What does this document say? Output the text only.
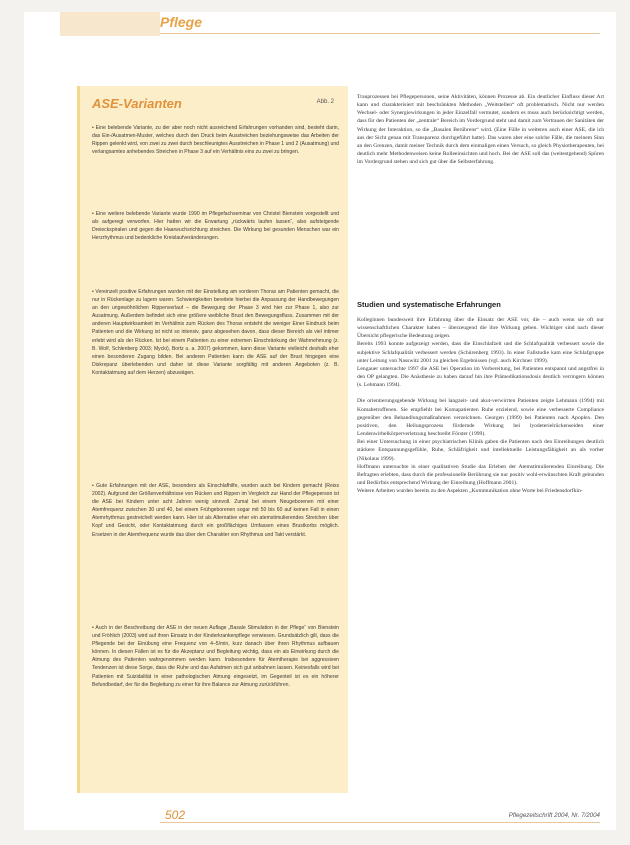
Pflege
ASE-Varianten	Abb. 2
• Eine belebende Variante, zu der aber noch nicht ausreichend Erfahrungen vorhanden sind, besteht darin, das Ein-/Ausatmen-Muster, welches durch den Druck beim Ausstreichen beziehungsweise das Arbeiten der Rippen gelenkt wird, von zwei zu zwei durch beschleunigtes Ausstreichen in Phase 1 und 2 (Ausatmung) und verlangsamtes anhebendes Streichen in Phase 3 auf ein Verhältnis eins zu zwei zu bringen.
• Eine weitere belebende Variante wurde 1990 im Pflegefachseminar von Christel Bienstein vorgestellt und als aufgeregt verworfen. Hier hatten wir die Erwartung „rückwärts laufen lassen“, also aufsteigende Dreieckspiralen und gegen die Haarwuchsrichtung streichen. Die Wirkung bei gesunden Menschen war ein Herzrhythmus und bedenkliche Kreislaufveränderungen.
• Vereinzelt positive Erfahrungen wurden mit der Einstellung am vorderen Thorax am Patienten gemacht, die nur in Rückenlage zu lagern waren. Schwierigkeiten bereitete hierbei die Anpassung der Handbewegungen an den ungewöhnlichen Rippenverlauf – die Bewegung der Phase 3 wird hier zur Phase 1, also zur Ausatmung. Außerdem befindet sich eine größere weibliche Brust den Bewegungsfluss. Zusammen mit der anderen Hauptwirksamkeit im Verhältnis zum Rücken des Thorax entsteht die weniger Einer Eindruck beim Patienten und die Wirkung ist nicht so intensiv, ganz abgesehen davon, dass dieser Bereich als viel intimer erlebt wird als der Rücken. Ist bei einem Patienten zu einer extremen Einschränkung der Wahrnehmung (z. B. Wolf, Schlenberg 2003; Mycki), Bortz u. a. 2007) gekommen, kann diese Variante vielleicht deshalb eher einen besonderen Zugang bilden. Bei anderen Patienten kann die ASE auf der Brust hingegen eine Diskrepanz überlebenden und daher ist diese Variante sorgfältig mit anderen Angeboten (z. B. Kontaktatmung auf dem Herzen) abzuwägen.
• Gute Erfahrungen mit der ASE, besonders als Einschlafhilfe, wurden auch bei Kindern gemacht (Reiss 2002). Aufgrund der Größenverhältnisse von Rücken und Rippen im Vergleich zur Hand der Pflegeperson ist die ASE bei Kindern unter acht Jahren wenig sinnvoll. Zumal bei einem Neugeborenen mit einer Atemfrequenz zwischen 30 und 40, bei einem Frühgeborenen sogar mit 50 bis 60 auf keinen Fall in einen Atemrhythmus gestreichelt werden kann. Hier ist als Alternative eher ein atemstimulierendes Streichen über Kopf und Gesicht, oder Kontaktatmung durch ein großflächiges Umfassen eines Brustkorbs möglich. Ersetzen in der Atemfrequenz wurde das über den Charakter von Rhythmus und Takt verstärkt.
• Auch in der Beschreibung der ASE in der neuen Auflage „Basale Stimulation in der Pflege“ von Bienstein und Fröhlich (2003) wird auf ihren Einsatz in der Kinderkrankenpflege verwiesen. Grundsätzlich gilt, dass die Pflegende bei der Einübung eine Frequenz von 4–5/min, kurz danach über ihren Rhythmus aufbauen können. In diesen Fällen ist es für die Akzeptanz und Begleitung wichtig, dass ein als Einwirkung durch die Atmung des Patienten wahrgenommen werden kann. Insbesondere für Atemtherapie bei aggressiven Tendenzen ist diese Sorge, dass die Ruhe und das Aufatmen sich gut anbahnen lassen. Keinesfalls wird bei Patienten mit Suizidalität in einer pathologischen Atmung eingesetzt, im Gegenteil ist es ein höherer Befundbedarf, der für die Begleitung zu einer für ihre Balance zur Atmung zurückführen.

Trauprozessen bei Pflegepersonen, seine Aktivitäten, können Prozesse ab. Ein deutlicher Einfluss dieser Art kann und charakterisiert mit beschränkten Methoden „Weitstellen“ oft problematisch. Nicht nur werden Wechsel- oder Synergiewirkungen in jeder Einzelfall vermutet, sondern es muss auch berücksichtigt werden, dass für den Patienten der „zentrale“ Bereich im Vordergrund steht und damit zum Vertrauen der Sanitäten der Wirkung der Interaktion, so die „Basalen Berührens“ wird. (Eine Fülle in weiteren auch einer ASE, die ich aus der Sicht genau mit Transparenz durchgeführt hatte). Das waren aber eine solche Fälle, die meinem Sinn an den Grenzen, damit meiner Technik durch dem einmaligen einen Versuch, so gleich Physiotherapeuten, bei deutlich mehr Methodenweisen keine Rolleeinsichten und hoch. Bei der ASE soll das (weitestgehend) Spüren im Vordergrund stehen und sich gut über die Selbsterfahrung.

Studien und systematische Erfahrungen

Kolleginnen bundesweit ihre Erfahrung über die Einsatz der ASE vor, die – auch wenn sie oft nur wissenschaftlichen Charakter haben – überzeugend die ihre Wirkung geben. Wichtiger sind nach dieser Übersicht pflegerische Bedeutung zeigen.

Bereits 1993 konnte aufgezeigt werden, dass die Einschlafzeit und die Schlafqualität verbessert sowie die subjektive Schlafqualität verbessert werden (Schürenberg 1993). In einer Fallstudie kam eine Schlafgruppe unter Leitung von Nasswitz 2001 zu gleichen Ergebnissen (vgl. auch Kirchner 1999).

Lengauer untersuchte 1997 die ASE bei Operation im Vorbereitung, bei Patienten entspannt und angstfrei in den OP gelangten. Die Anästhesie zu haben darauf hin ihre Prämedikationsdosis deutlich verringern können (s. Lehmann 1994).

Die orientierungsgebende Wirkung bei langzeit- und akut-verwirrten Patienten zeigte Lehmann (1994) mit Komabetroffenen. Sie empfiehlt bei Komapatienten Ruhe erzielend, sowie eine verbesserte Compliance gegenüber den Behandlungsmaßnahmen verzeichnen. Georgen (1999) bei Patienten nach Apoplex. Den positiven, den Heilungsprozess fördernde Wirkung bei lyodeterielrückenseiden einer Lendenwirbelkörperverletzung beschreibt Förster (1999).

Bei einer Untersuchung in einer psychiatrischen Klinik gaben die Patienten nach den Einreibungen deutlich stärkere Entspannungsgefühle, Ruhe, Schläfrigkeit und intellektuelle Leistungsfähigkeit an als vorher (Nikolaus 1999).

Hoffmann untersuchte in einer qualitativen Studie das Erleben der Atemstimulierenden Einreibung. Die Befragten erlebten, dass durch die professionelle Berührung sie nur positiv wohl-erwünschten Kraft gebunden und Bedürfnis entsprechend Wirkung der Einreibung (Hoffmann 2001).

Weitere Arbeiten wurden bereits zu den Aspekten „Kommunikation ohne Worte bei Friedensdorfkin-

502	Pflegezeitschrift 2004, Nr. 7/2004
